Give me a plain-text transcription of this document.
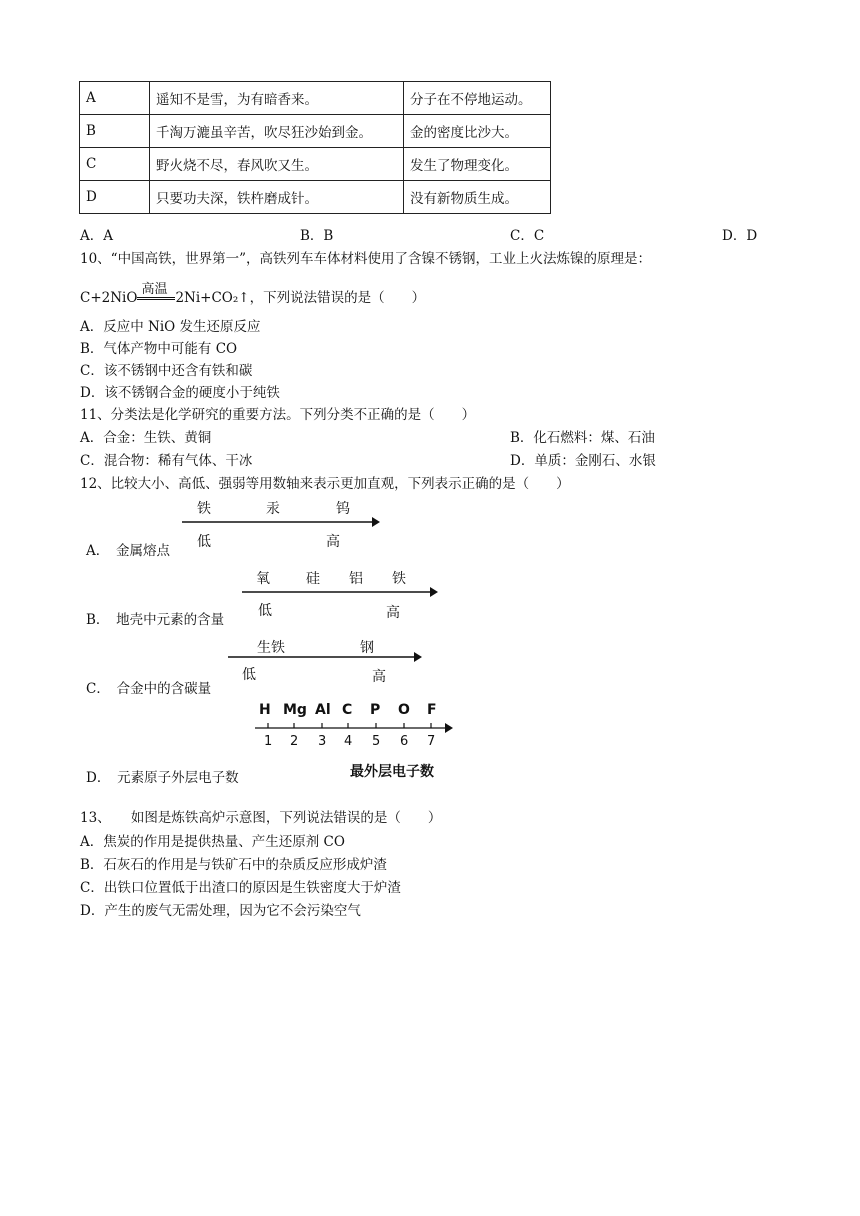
A	遥知不是雪，为有暗香来。	分子在不停地运动。
B	千淘万漉虽辛苦，吹尽狂沙始到金。	金的密度比沙大。
C	野火烧不尽，春风吹又生。	发生了物理变化。
D	只要功夫深，铁杵磨成针。	没有新物质生成。
A．A	B．B	C．C	D．D
10、“中国高铁，世界第一”，高铁列车车体材料使用了含镍不锈钢，工业上火法炼镍的原理是：
C+2NiO
高温
2Ni+CO₂↑，下列说法错误的是（　　）
A．反应中 NiO 发生还原反应
B．气体产物中可能有 CO
C．该不锈钢中还含有铁和碳
D．该不锈钢合金的硬度小于纯铁
11、分类法是化学研究的重要方法。下列分类不正确的是（　　）
A．合金：生铁、黄铜	B．化石燃料：煤、石油
C．混合物：稀有气体、干冰	D．单质：金刚石、水银
12、比较大小、高低、强弱等用数轴来表示更加直观，下列表示正确的是（　　）
铁	汞	钨
低	高
A．　金属熔点
氧	硅 铝 铁
低	高
B．　地壳中元素的含量
生铁	钢
低	高
C．　合金中的含碳量
H Mg Al C P O F
1 2 3 4 5 6 7
最外层电子数
D．　元素原子外层电子数
13、　　如图是炼铁高炉示意图，下列说法错误的是（　　）
A．焦炭的作用是提供热量、产生还原剂 CO
B．石灰石的作用是与铁矿石中的杂质反应形成炉渣
C．出铁口位置低于出渣口的原因是生铁密度大于炉渣
D．产生的废气无需处理，因为它不会污染空气
